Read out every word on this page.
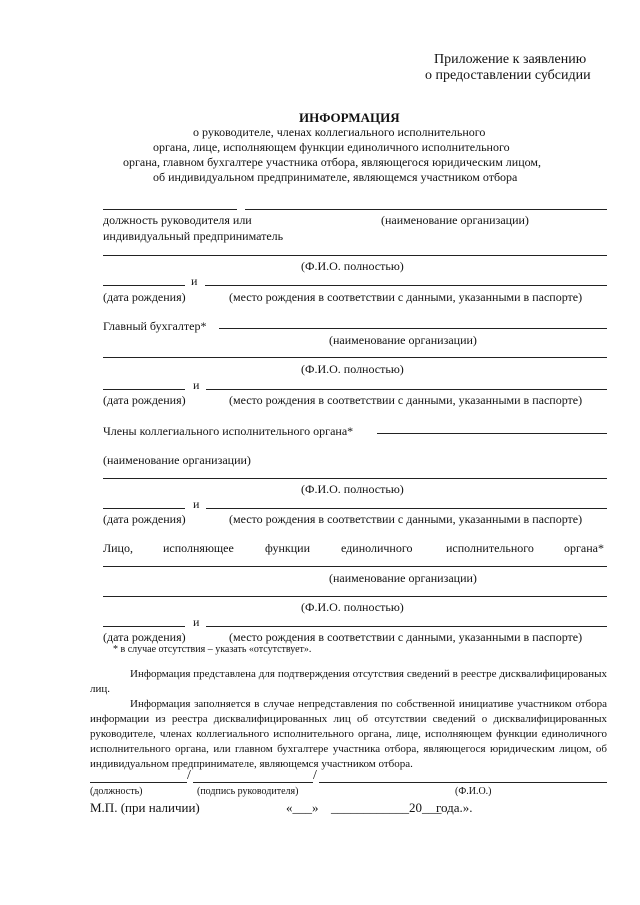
Приложение к заявлению
о предоставлении субсидии
ИНФОРМАЦИЯ
о руководителе, членах коллегиального исполнительного
органа, лице, исполняющем функции единоличного исполнительного
органа, главном бухгалтере участника отбора, являющегося юридическим лицом,
об индивидуальном предпринимателе, являющемся участником отбора
должность руководителя или	(наименование организации)
индивидуальный предприниматель
(Ф.И.О. полностью)
и
(дата рождения)	(место рождения в соответствии с данными, указанными в паспорте)
Главный бухгалтер*
(наименование организации)
(Ф.И.О. полностью)
и
(дата рождения)	(место рождения в соответствии с данными, указанными в паспорте)
Члены коллегиального исполнительного органа*
(наименование организации)
(Ф.И.О. полностью)
и
(дата рождения)	(место рождения в соответствии с данными, указанными в паспорте)
Лицо,	исполняющее	функции	единоличного	исполнительного	органа*
(наименование организации)
(Ф.И.О. полностью)
и
(дата рождения)	(место рождения в соответствии с данными, указанными в паспорте)
* в случае отсутствия – указать «отсутствует».
Информация представлена для подтверждения отсутствия сведений в реестре дисквалифицированых лиц.
Информация заполняется в случае непредставления по собственной инициативе участником отбора информации из реестра дисквалифицированных лиц об отсутствии сведений о дисквалифицированных руководителе, членах коллегиального исполнительного органа, лице, исполняющем функции единоличного исполнительного органа, или главном бухгалтере участника отбора, являющегося юридическим лицом, об индивидуальном предпринимателе, являющемся участником отбора.
/	/
(должность)	(подпись руководителя)	(Ф.И.О.)
М.П. (при наличии)	«___» ____________20___
года.».
